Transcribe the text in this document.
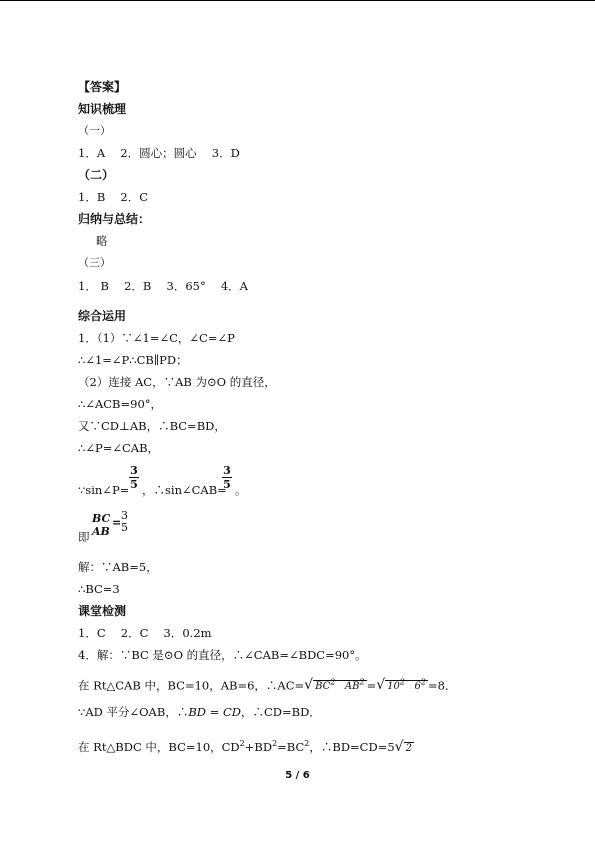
【答案】
知识梳理
（一）
1．A　 2．圆心；圆心　 3．D
（二）
1．B　 2．C
归纳与总结：
略
（三）
1． B　 2．B　 3．65°　 4．A
综合运用
1．（1）∵∠1=∠C，∠C=∠P
∴∠1=∠P∴CB∥PD；
（2）连接 AC，∵AB 为⊙O 的直径，
∴∠ACB=90°，
又∵CD⊥AB，∴BC=BD，
∴∠P=∠CAB，
∵sin∠P=
3
5 ，∴sin∠CAB=
3
5 。
即
BC
AB
=
3
5
解：∵AB=5，
∴BC=3
课堂检测
1．C　 2．C　 3．0.2m
4．解：∵BC 是⊙O 的直径，∴∠CAB=∠BDC=90°。
在 Rt△CAB 中，BC=10，AB=6，∴AC=√ $BC^2$ $AB^2$ =√ $10^2$ $6^2 =8$．
∵AD 平分∠OAB，∴BD = CD，∴CD=BD．
在 Rt△BDC 中，BC=10，$CD^2+BD^2=BC^2$，∴BD=CD=5√ 2
5 / 6
